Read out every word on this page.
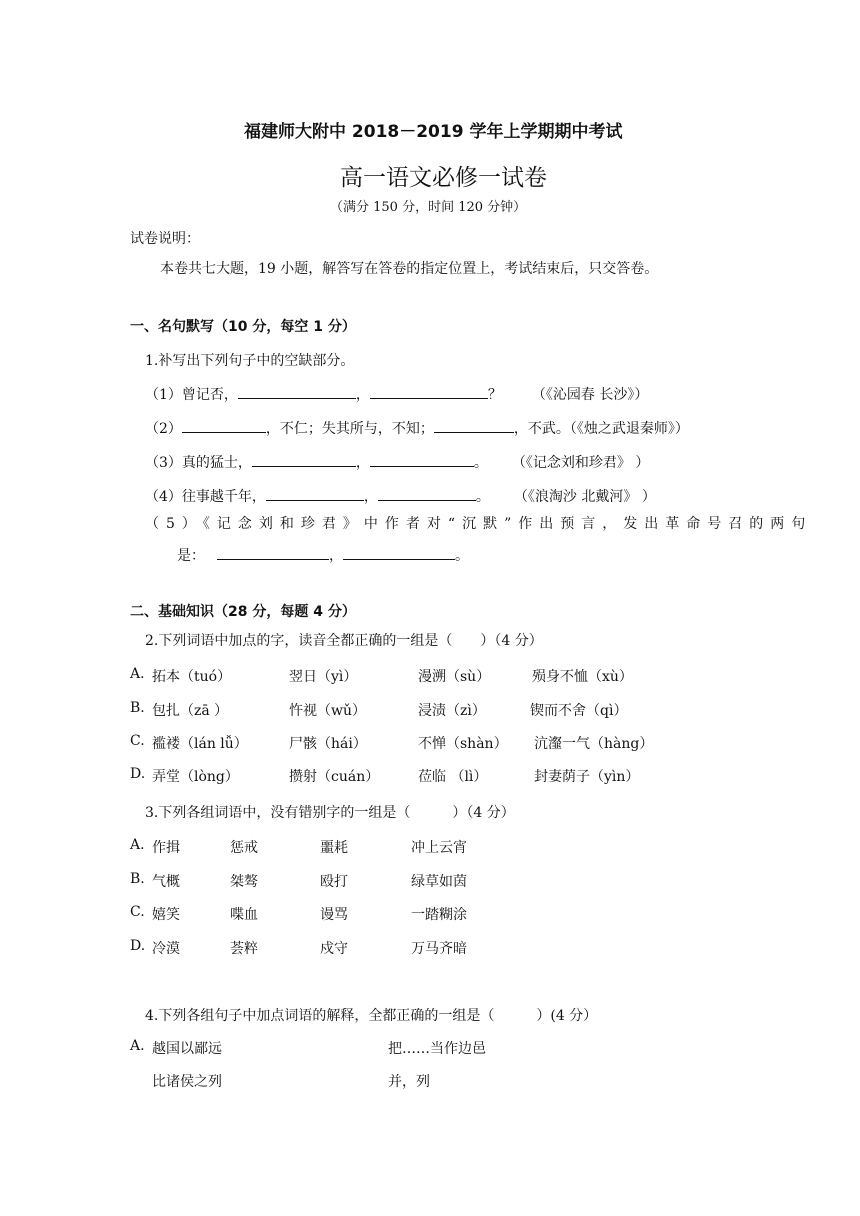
福建师大附中 2018－2019 学年上学期期中考试
高一语文必修一试卷
（满分 150 分，时间 120 分钟）
试卷说明：
本卷共七大题，19 小题，解答写在答卷的指定位置上，考试结束后，只交答卷。
一、名句默写（10 分，每空 1 分）
1.补写出下列句子中的空缺部分。
（1）曾记否，	，	？ （《沁园春 长沙》）
（2）	，不仁；失其所与，不知；	，不武。（《烛之武退秦师》）
（3）真的猛士，	，	。 （《记念刘和珍君》 ）
（4）往事越千年，	，	。 （《浪淘沙 北戴河》 ）
（5）《记念刘和珍君》中作者对“沉默”作出预言，发出革命号召的两句
是：	，	。
二、基础知识（28 分，每题 4 分）
2.下列词语中加点的字，读音全都正确的一组是（　　）（4 分）
A. 拓本（tuó）	翌日（yì）	漫溯（sù）	殒身不恤（xù）
B. 包扎（zā ）	忤视（wǔ）	浸渍（zì）	锲而不舍（qì）
C. 褴褛（lán lǚ）	尸骸（hái）	不惮（shàn） 沆瀣一气（hàng）
D. 弄堂（lòng）	攒射（cuán）	莅临 （lì）	封妻荫子（yìn）
3.下列各组词语中，没有错别字的一组是（　　　）（4 分）
A. 作揖	惩戒	噩耗	冲上云宵
B. 气概	桀骜	殴打	绿草如茵
C. 嬉笑	喋血	谩骂	一踏糊涂
D. 冷漠	荟粹	戍守	万马齐暗
4.下列各组句子中加点词语的解释，全都正确的一组是（　　　）(4 分）
A. 越国以鄙远	把……当作边邑
比诸侯之列	并，列
